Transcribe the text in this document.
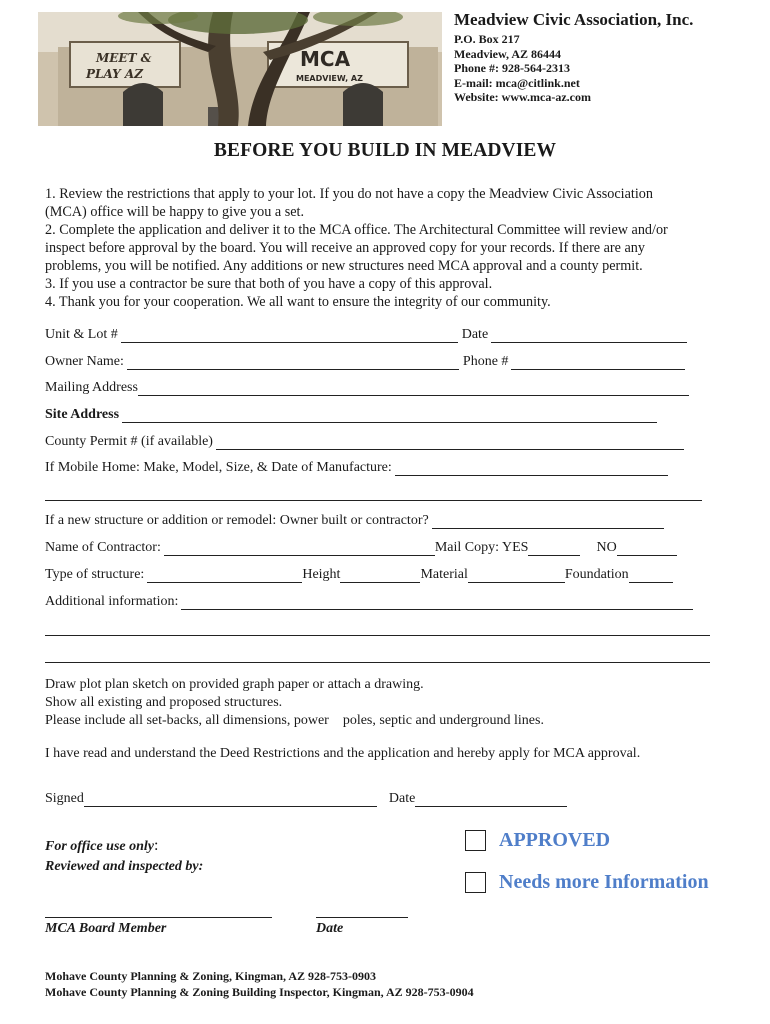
MEET &
PLAY AZ
MCA
MEADVIEW, AZ
Meadview Civic Association, Inc.
P.O. Box 217
Meadview, AZ 86444
Phone #: 928-564-2313
E-mail: mca@citlink.net
Website: www.mca-az.com
BEFORE YOU BUILD IN MEADVIEW

1. Review the restrictions that apply to your lot. If you do not have a copy the Meadview Civic Association

(MCA) office will be happy to give you a set.

2. Complete the application and deliver it to the MCA office. The Architectural Committee will review and/or

inspect before approval by the board. You will receive an approved copy for your records. If there are any

problems, you will be notified. Any additions or new structures need MCA approval and a county permit.

3. If you use a contractor be sure that both of you have a copy of this approval.

4. Thank you for your cooperation. We all want to ensure the integrity of our community.

Unit & Lot #	Date
Owner Name:	Phone #
Mailing Address
Site Address
County Permit # (if available)
If Mobile Home: Make, Model, Size, & Date of Manufacture:
If a new structure or addition or remodel: Owner built or contractor?
Name of Contractor:	Mail Copy: YES	NO
Type of structure:	Height	Material	Foundation
Additional information:
Draw plot plan sketch on provided graph paper or attach a drawing.
Show all existing and proposed structures.
Please include all set-backs, all dimensions, power    poles, septic and underground lines.
I have read and understand the Deed Restrictions and the application and hereby apply for MCA approval.
Signed	Date
For office use only:
Reviewed and inspected by:
APPROVED
Needs more Information
MCA Board Member	Date
Mohave County Planning & Zoning, Kingman, AZ 928-753-0903
Mohave County Planning & Zoning Building Inspector, Kingman, AZ 928-753-0904
